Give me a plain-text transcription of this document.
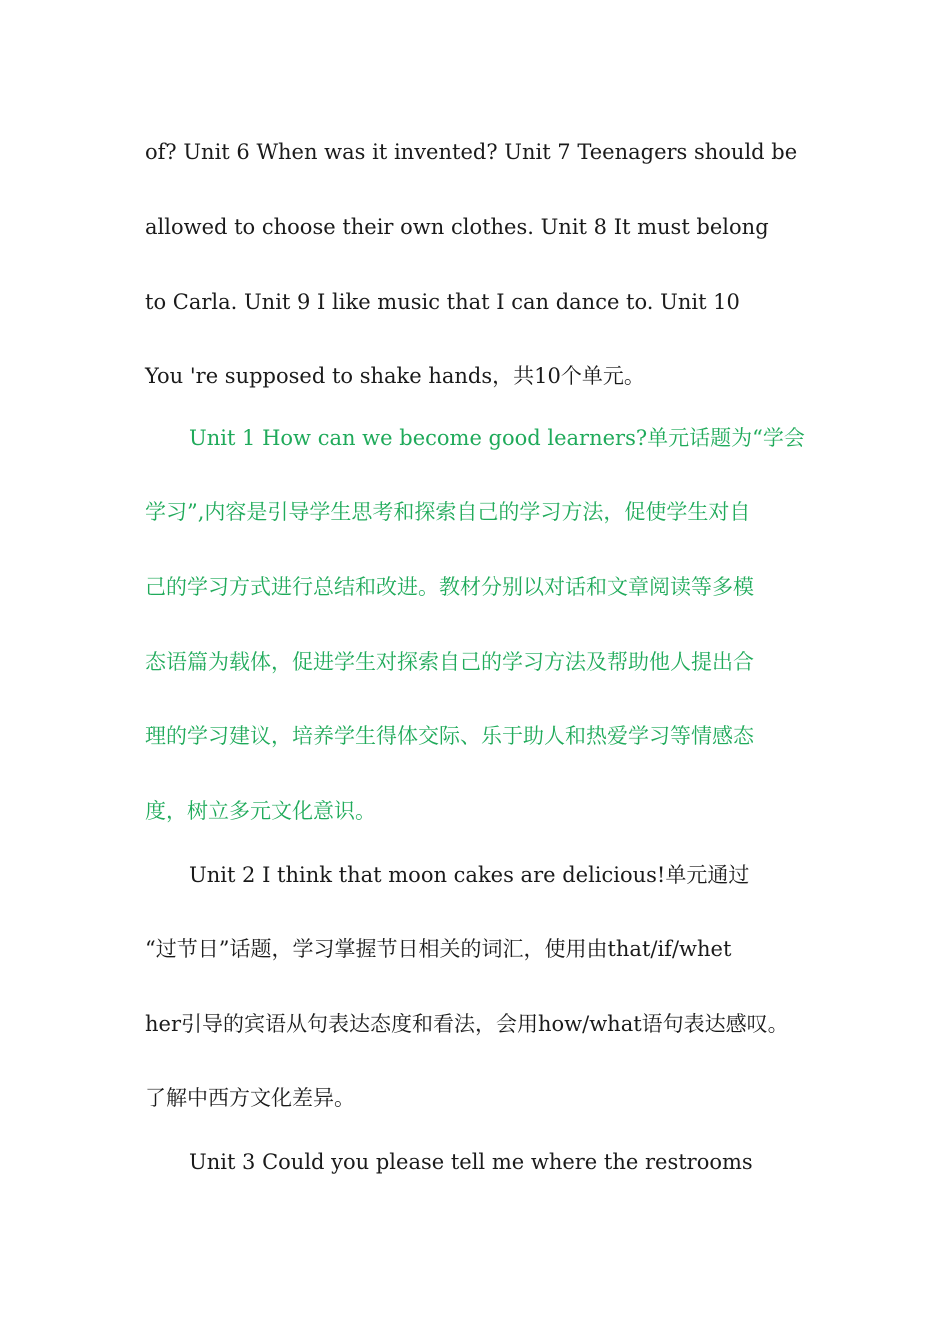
of? Unit 6 When was it invented? Unit 7 Teenagers should be
allowed to choose their own clothes. Unit 8 It must belong
to Carla. Unit 9 I like music that I can dance to. Unit 10
You 're supposed to shake hands，共10个单元。
Unit 1 How can we become good learners?单元话题为“学会
学习”,内容是引导学生思考和探索自己的学习方法，促使学生对自
己的学习方式进行总结和改进。教材分别以对话和文章阅读等多模
态语篇为载体，促进学生对探索自己的学习方法及帮助他人提出合
理的学习建议，培养学生得体交际、乐于助人和热爱学习等情感态
度，树立多元文化意识。
Unit 2 I think that moon cakes are delicious!单元通过
“过节日”话题，学习掌握节日相关的词汇，使用由that/if/whet
her引导的宾语从句表达态度和看法，会用how/what语句表达感叹。
了解中西方文化差异。
Unit 3 Could you please tell me where the restrooms
